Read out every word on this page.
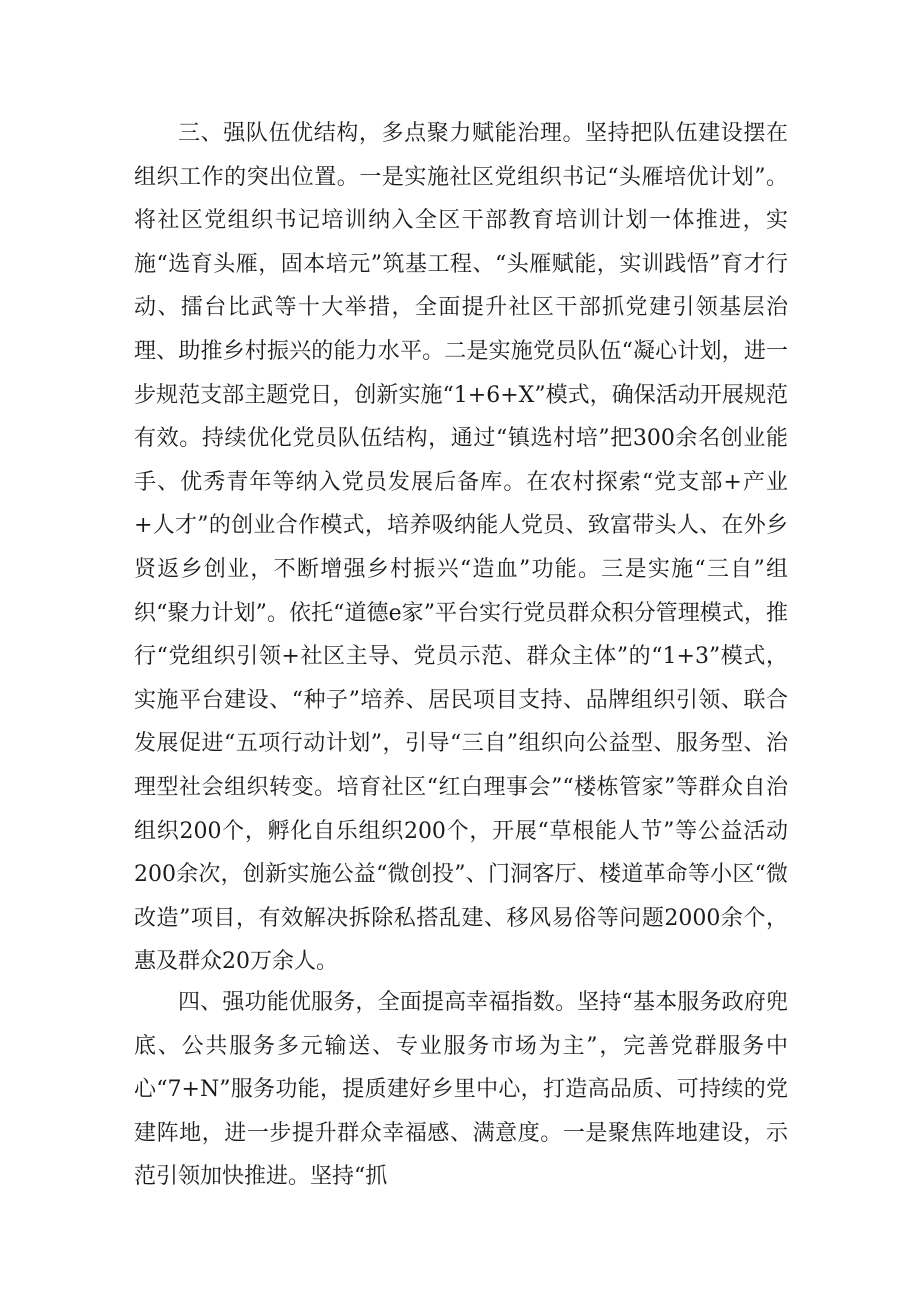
三、强队伍优结构，多点聚力赋能治理。坚持把队伍建设摆在组织工作的突出位置。一是实施社区党组织书记“头雁培优计划”。将社区党组织书记培训纳入全区干部教育培训计划一体推进，实施“选育头雁，固本培元”筑基工程、“头雁赋能，实训践悟”育才行动、擂台比武等十大举措，全面提升社区干部抓党建引领基层治理、助推乡村振兴的能力水平。二是实施党员队伍“凝心计划，进一步规范支部主题党日，创新实施“1+6+X”模式，确保活动开展规范有效。持续优化党员队伍结构，通过“镇选村培”把300余名创业能手、优秀青年等纳入党员发展后备库。在农村探索“党支部+产业+人才”的创业合作模式，培养吸纳能人党员、致富带头人、在外乡贤返乡创业，不断增强乡村振兴“造血”功能。三是实施“三自”组织“聚力计划”。依托“道德e家”平台实行党员群众积分管理模式，推行“党组织引领+社区主导、党员示范、群众主体”的“1+3”模式，实施平台建设、“种子”培养、居民项目支持、品牌组织引领、联合发展促进“五项行动计划”，引导“三自”组织向公益型、服务型、治理型社会组织转变。培育社区“红白理事会”“楼栋管家”等群众自治组织200个，孵化自乐组织200个，开展“草根能人节”等公益活动200余次，创新实施公益“微创投”、门洞客厅、楼道革命等小区“微改造”项目，有效解决拆除私搭乱建、移风易俗等问题2000余个，惠及群众20万余人。

四、强功能优服务，全面提高幸福指数。坚持“基本服务政府兜底、公共服务多元输送、专业服务市场为主”，完善党群服务中心“7+N”服务功能，提质建好乡里中心，打造高品质、可持续的党建阵地，进一步提升群众幸福感、满意度。一是聚焦阵地建设，示范引领加快推进。坚持“抓
